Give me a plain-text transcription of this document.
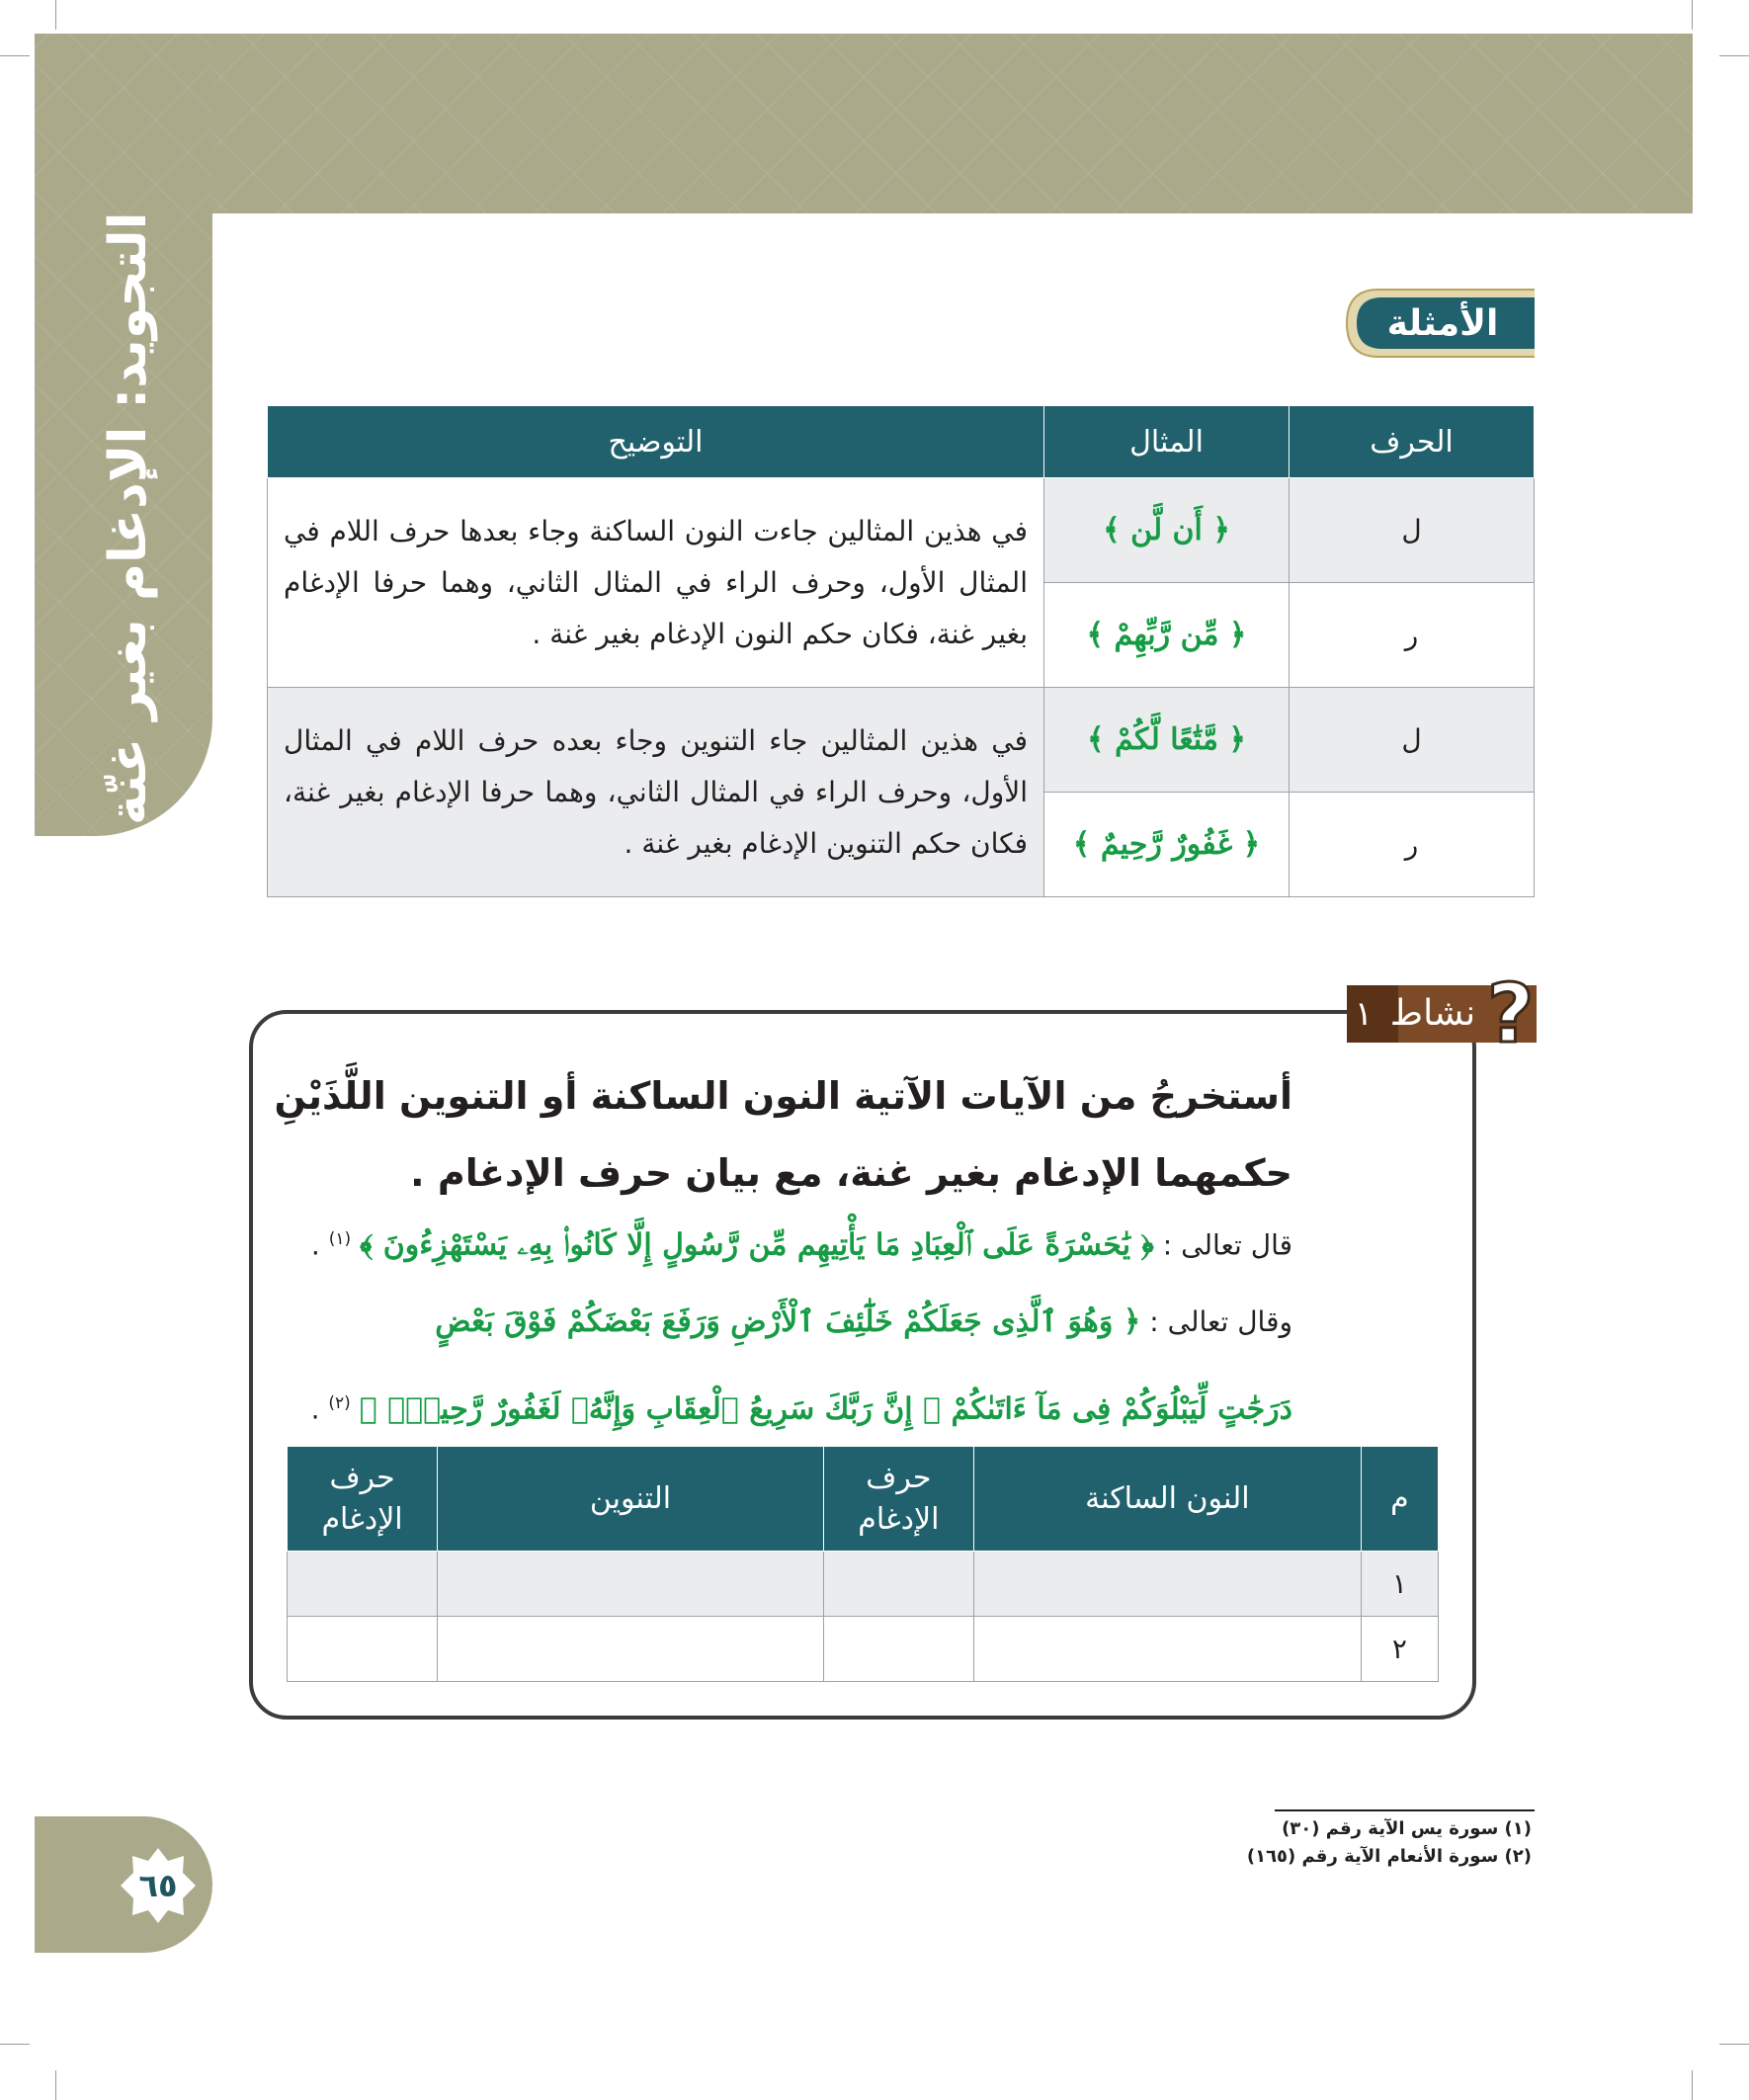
التجويد: الإدغام بغير غنّة
٦٥
الأمثلة
الحرف	المثال	التوضيح
ل	﴿ أَن لَّن ﴾	في هذين المثالين جاءت النون الساكنة وجاء بعدها حرف اللام في المثال الأول، وحرف الراء في المثال الثاني، وهما حرفا الإدغام بغير غنة، فكان حكم النون الإدغام بغير غنة .
ر	﴿ مِّن رَّبِّهِمْ ﴾	
ل	﴿ مَّتَٰعًا لَّكُمْ ﴾	في هذين المثالين جاء التنوين وجاء بعده حرف اللام في المثال الأول، وحرف الراء في المثال الثاني، وهما حرفا الإدغام بغير غنة، فكان حكم التنوين الإدغام بغير غنة .
ر	﴿ غَفُورٌ رَّحِيمٌ ﴾	
١ نشاط ?
أستخرجُ من الآيات الآتية النون الساكنة أو التنوين اللَّذَيْنِ حكمهما الإدغام بغير غنة، مع بيان حرف الإدغام .
قال تعالى : ﴿ يَٰحَسْرَةً عَلَى ٱلْعِبَادِ مَا يَأْتِيهِم مِّن رَّسُولٍ إِلَّا كَانُوا۟ بِهِۦ يَسْتَهْزِءُونَ ﴾ $^{(١)}$ .
وقال تعالى : ﴿ وَهُوَ ٱلَّذِى جَعَلَكُمْ خَلَٰٓئِفَ ٱلْأَرْضِ وَرَفَعَ بَعْضَكُمْ فَوْقَ بَعْضٍ
دَرَجَٰتٍ لِّيَبْلُوَكُمْ فِى مَآ ءَاتَىٰكُمْ ۗ إِنَّ رَبَّكَ سَرِيعُ ٱلْعِقَابِ وَإِنَّهُۥ لَغَفُورٌ رَّحِيمٌۢ ﴾ $^{(٢)}$ .
م	النون الساكنة	حرف الإدغام	التنوين	حرف الإدغام
١				
٢				
(١) سورة يس الآية رقم (٣٠)
(٢) سورة الأنعام الآية رقم (١٦٥)
